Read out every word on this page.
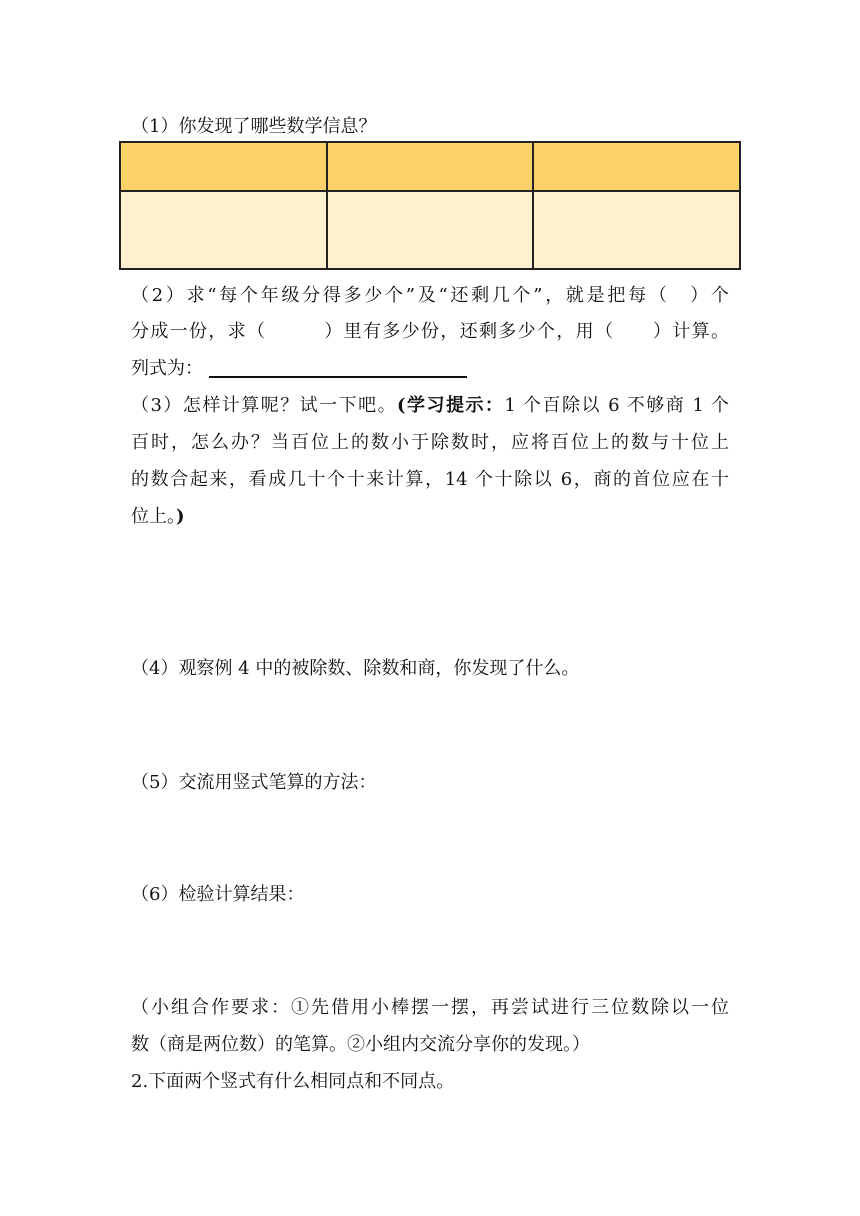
（1）你发现了哪些数学信息？

（2）求“每个年级分得多少个”及“还剩几个”，就是把每（　）个
分成一份，求（　　　）里有多少份，还剩多少个，用（　　）计算。
列式为：
（3）怎样计算呢？试一下吧。(学习提示：1 个百除以 6 不够商 1 个
百时，怎么办？当百位上的数小于除数时，应将百位上的数与十位上
的数合起来，看成几十个十来计算，14 个十除以 6，商的首位应在十
位上。)
（4）观察例 4 中的被除数、除数和商，你发现了什么。
（5）交流用竖式笔算的方法：
（6）检验计算结果：
（小组合作要求：①先借用小棒摆一摆，再尝试进行三位数除以一位
数（商是两位数）的笔算。②小组内交流分享你的发现。）
2.下面两个竖式有什么相同点和不同点。
